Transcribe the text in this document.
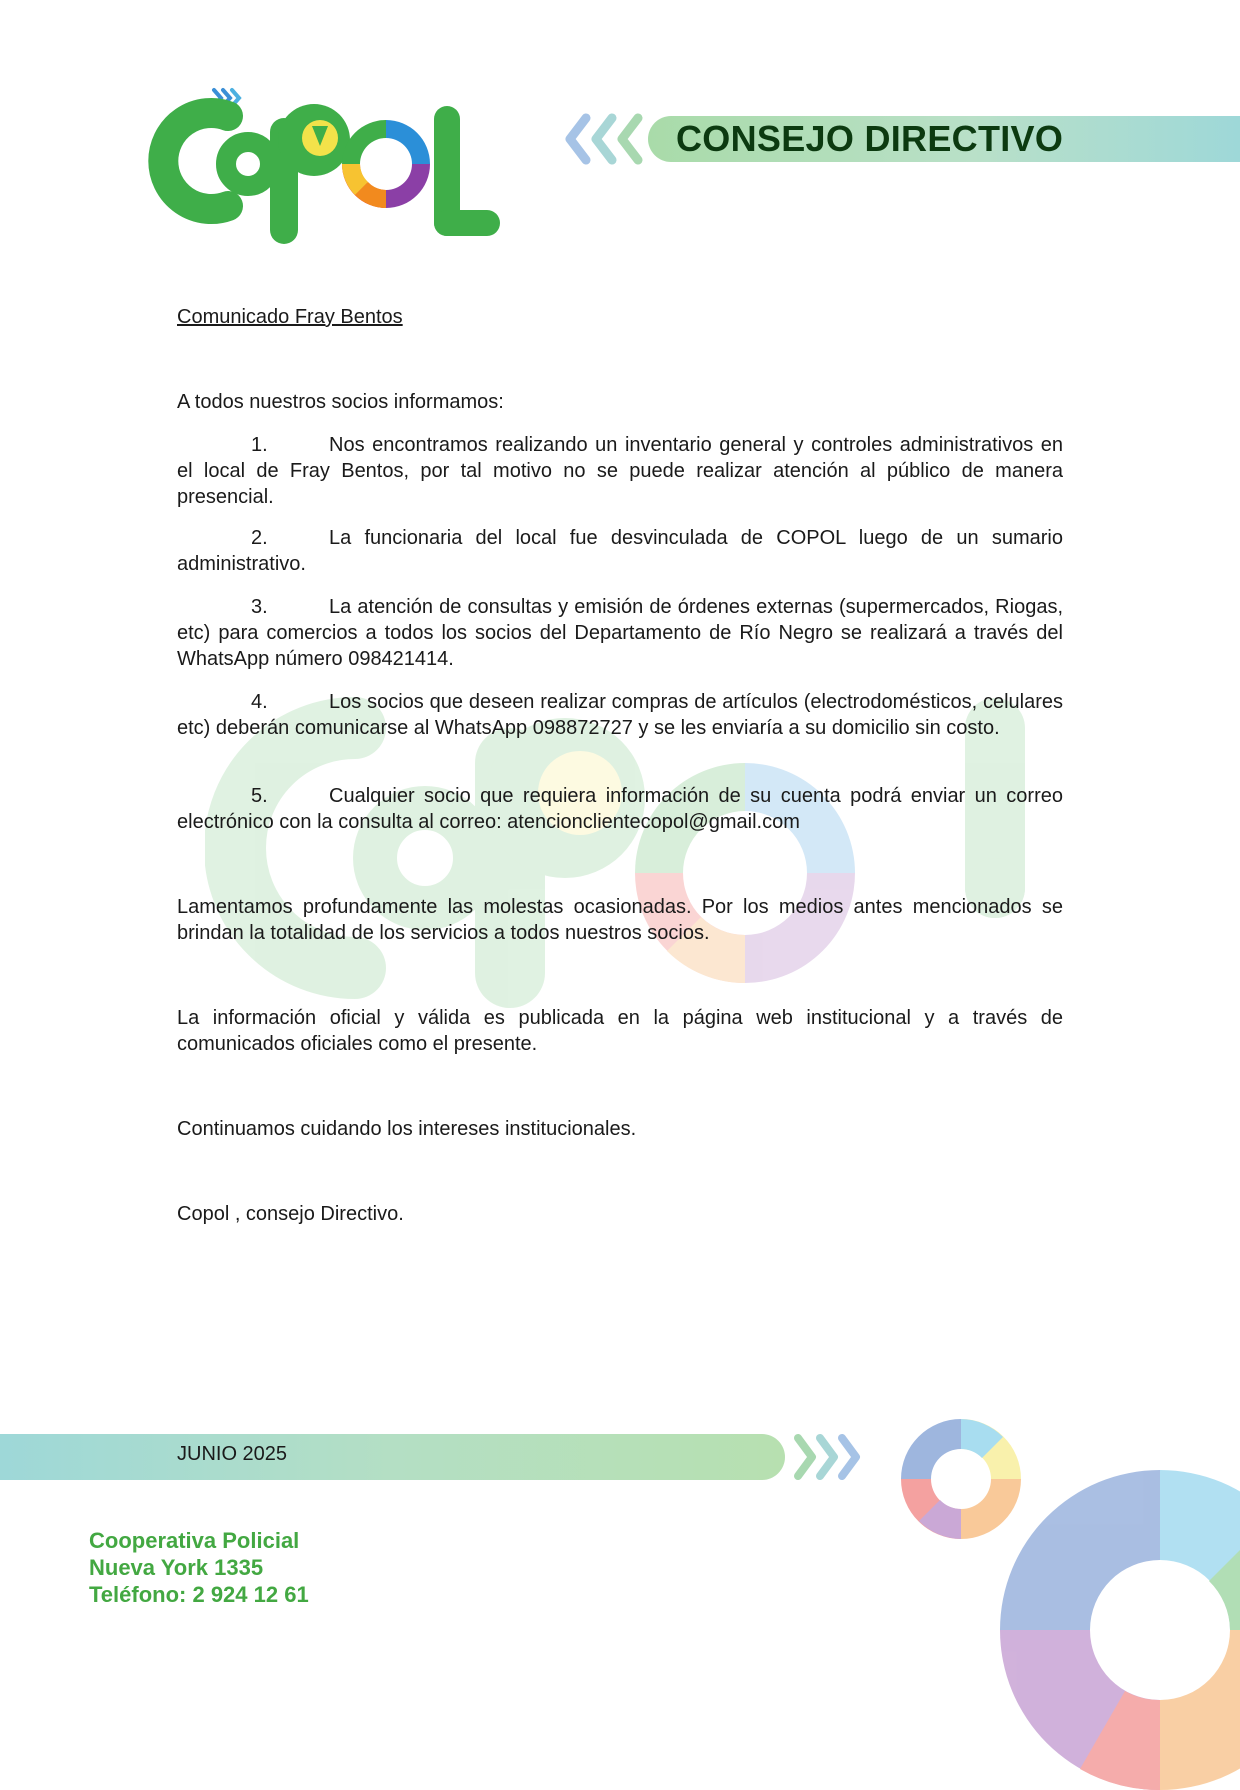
CONSEJO DIRECTIVO
Comunicado Fray Bentos
A todos nuestros socios informamos:
1.	Nos encontramos realizando un inventario general y controles administrativos en el local de Fray Bentos, por tal motivo no se puede realizar atención al público de manera presencial.
2.	La funcionaria del local fue desvinculada de COPOL luego de un sumario administrativo.
3.	La atención de consultas y emisión de órdenes externas (supermercados, Riogas, etc) para comercios a todos los socios del Departamento de Río Negro se realizará a través del WhatsApp número 098421414.
4.	Los socios que deseen realizar compras de artículos (electrodomésticos, celulares etc) deberán comunicarse al WhatsApp 098872727 y se les enviaría a su domicilio sin costo.
5.	Cualquier socio que requiera información de su cuenta podrá enviar un correo electrónico con la consulta al correo: atencionclientecopol@gmail.com
Lamentamos profundamente las molestas ocasionadas. Por los medios antes mencionados se brindan la totalidad de los servicios a todos nuestros socios.
La información oficial y válida es publicada en la página web institucional y a través de comunicados oficiales como el presente.
Continuamos cuidando los intereses institucionales.
Copol , consejo Directivo.
JUNIO 2025
Cooperativa Policial
Nueva York 1335
Teléfono: 2 924 12 61
